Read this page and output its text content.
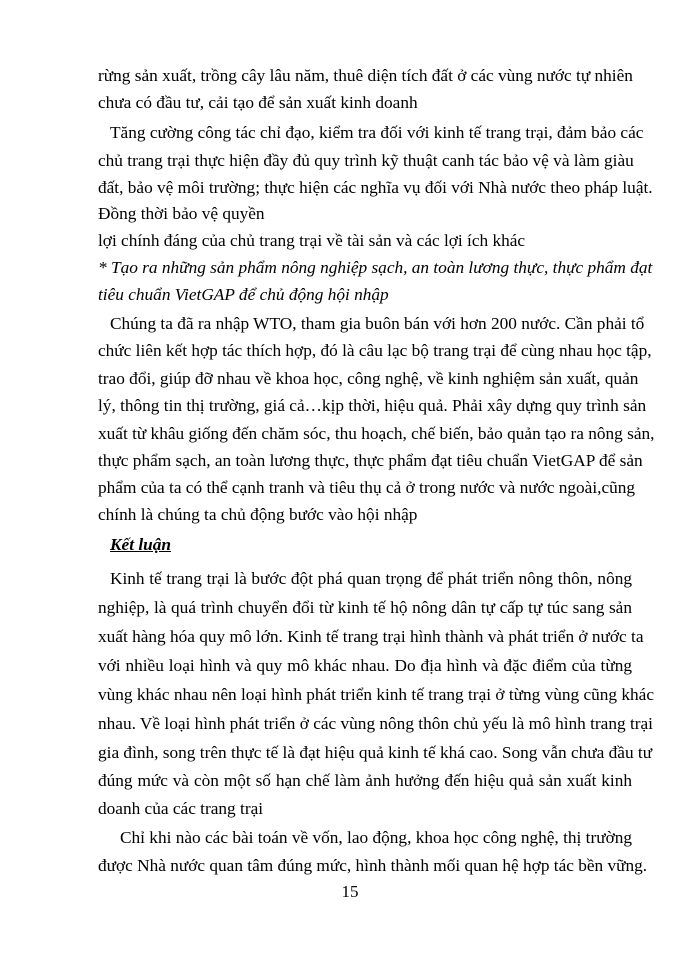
rừng sản xuất, trồng cây lâu năm, thuê diện tích đất ở các vùng nước tự nhiên
chưa có đầu tư, cải tạo để sản xuất kinh doanh
Tăng cường công tác chỉ đạo, kiểm tra đối với kinh tế trang trại, đảm bảo các
chủ trang trại thực hiện đầy đủ quy trình kỹ thuật canh tác bảo vệ và làm giàu
đất, bảo vệ môi trường; thực hiện các nghĩa vụ đối với Nhà nước theo pháp luật.
Đồng thời bảo vệ quyền
lợi chính đáng của chủ trang trại về tài sản và các lợi ích khác
* Tạo ra những sản phẩm nông nghiệp sạch, an toàn lương thực, thực phẩm đạt
tiêu chuẩn VietGAP để chủ động hội nhập
Chúng ta đã ra nhập WTO, tham gia buôn bán với hơn 200 nước. Cần phải tổ
chức liên kết hợp tác thích hợp, đó là câu lạc bộ trang trại để cùng nhau học tập,
trao đổi, giúp đỡ nhau về khoa học, công nghệ, về kinh nghiệm sản xuất, quản
lý, thông tin thị trường, giá cả…kịp thời, hiệu quả. Phải xây dựng quy trình sản
xuất từ khâu giống đến chăm sóc, thu hoạch, chế biến, bảo quản tạo ra nông sản,
thực phẩm sạch, an toàn lương thực, thực phẩm đạt tiêu chuẩn VietGAP để sản
phẩm của ta có thể cạnh tranh và tiêu thụ cả ở trong nước và nước ngoài,cũng
chính là chúng ta chủ động bước vào hội nhập
Kết luận
Kinh tế trang trại là bước đột phá quan trọng để phát triển nông thôn, nông
nghiệp, là quá trình chuyển đổi từ kinh tế hộ nông dân tự cấp tự túc sang sản
xuất hàng hóa quy mô lớn. Kinh tế trang trại hình thành và phát triển ở nước ta
với nhiều loại hình và quy mô khác nhau. Do địa hình và đặc điểm của từng
vùng khác nhau nên loại hình phát triển kinh tế trang trại ở từng vùng cũng khác
nhau. Về loại hình phát triển ở các vùng nông thôn chủ yếu là mô hình trang trại
gia đình, song trên thực tế là đạt hiệu quả kinh tế khá cao. Song vẫn chưa đầu tư
đúng mức và còn một số hạn chế làm ảnh hưởng đến hiệu quả sản xuất kinh
doanh của các trang trại
Chỉ khi nào các bài toán về vốn, lao động, khoa học công nghệ, thị trường
được Nhà nước quan tâm đúng mức, hình thành mối quan hệ hợp tác bền vững.
15
